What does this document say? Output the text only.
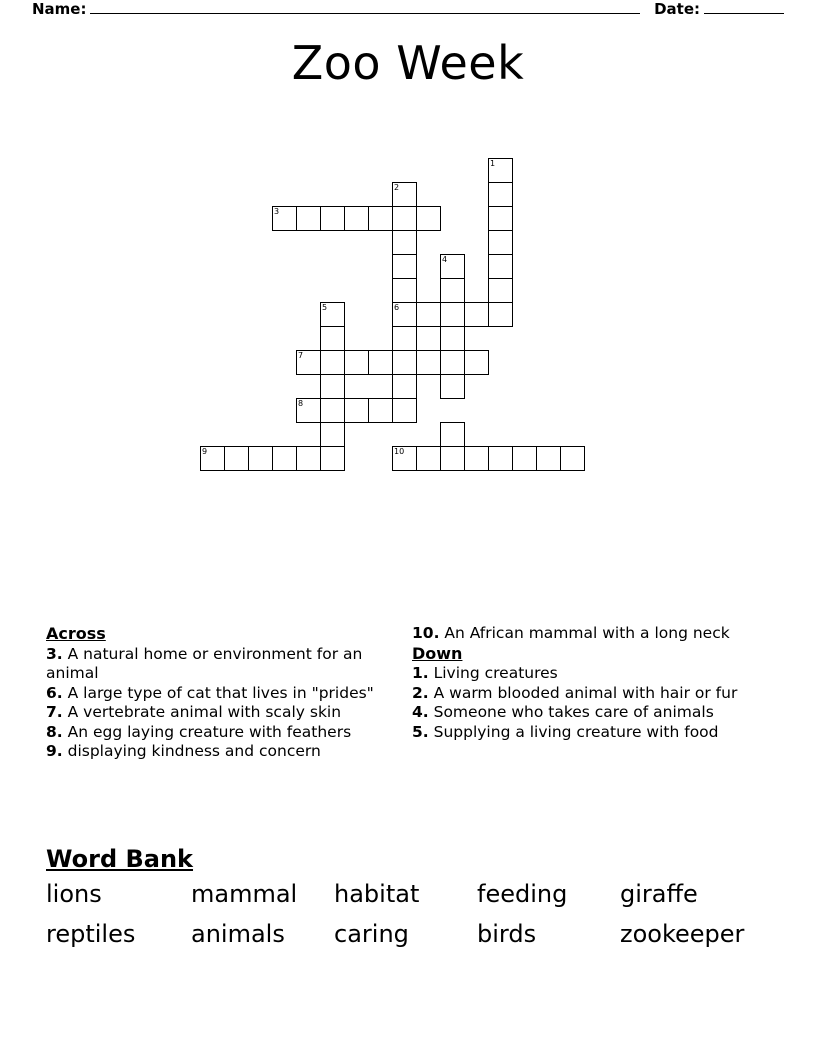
Name:	Date:
Zoo Week
1
2
3
4
5	6
7
8
9	10
Across
3. A natural home or environment for an animal
6. A large type of cat that lives in "prides"
7. A vertebrate animal with scaly skin
8. An egg laying creature with feathers
9. displaying kindness and concern
10. An African mammal with a long neck
Down
1. Living creatures
2. A warm blooded animal with hair or fur
4. Someone who takes care of animals
5. Supplying a living creature with food
Word Bank
lions	mammal	habitat	feeding	giraffe
reptiles	animals	caring	birds	zookeeper
